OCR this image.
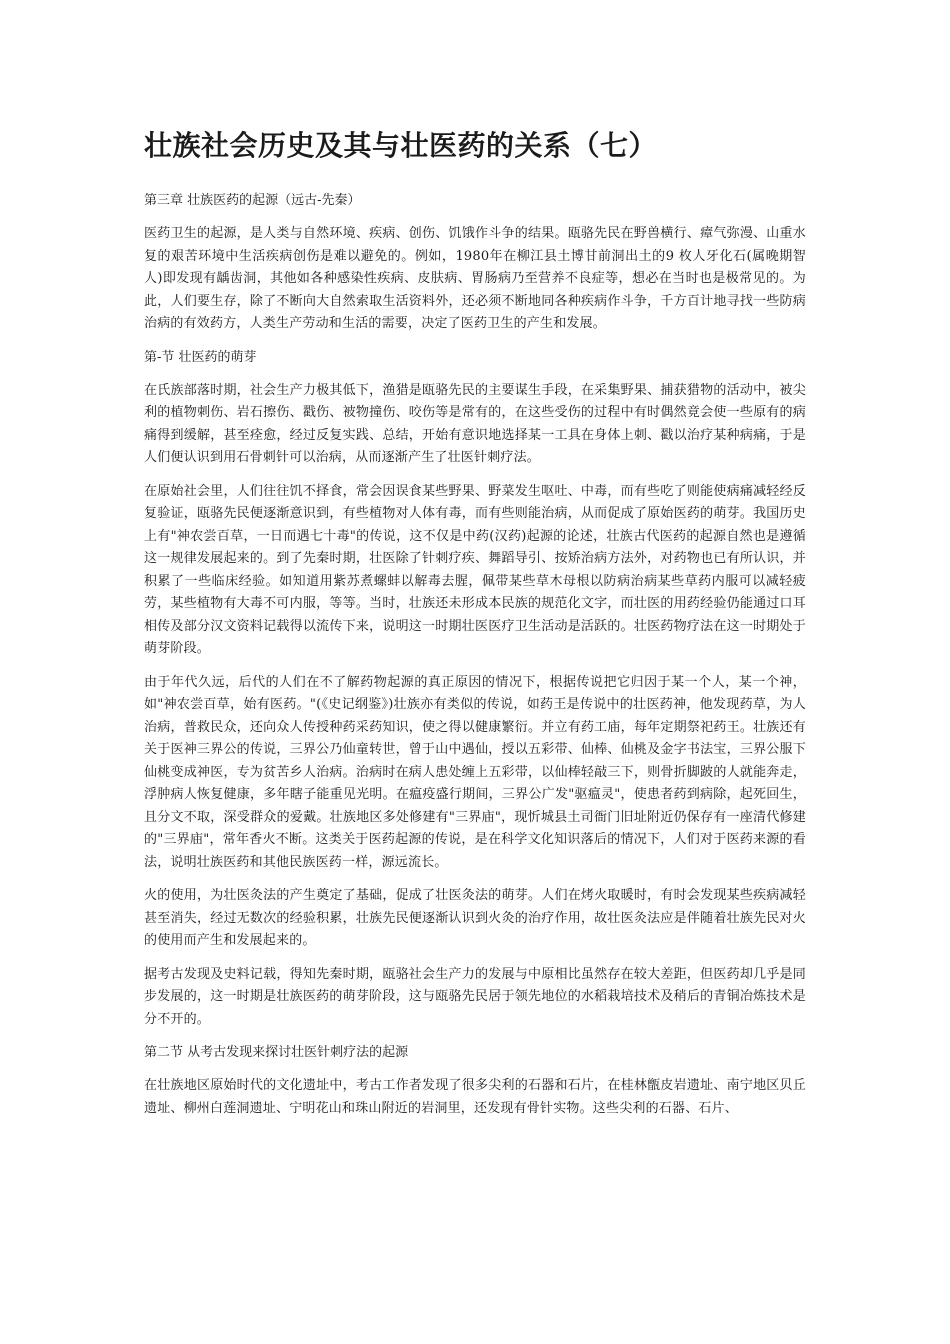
壮族社会历史及其与壮医药的关系（七）

第三章 壮族医药的起源（远古-先秦）

医药卫生的起源，是人类与自然环境、疾病、创伤、饥饿作斗争的结果。瓯骆先民在野兽横行、瘴气弥漫、山重水复的艰苦环境中生活疾病创伤是难以避免的。例如，1980年在柳江县土博甘前洞出土的9 枚人牙化石(属晚期智人)即发现有龋齿洞，其他如各种感染性疾病、皮肤病、胃肠病乃至营养不良症等，想必在当时也是极常见的。为此，人们要生存，除了不断向大自然索取生活资料外，还必须不断地同各种疾病作斗争，千方百计地寻找一些防病治病的有效药方，人类生产劳动和生活的需要，决定了医药卫生的产生和发展。

第-节 壮医药的萌芽

在氏族部落时期，社会生产力极其低下，渔猎是瓯骆先民的主要谋生手段，在采集野果、捕获猎物的活动中，被尖利的植物刺伤、岩石擦伤、戳伤、被物撞伤、咬伤等是常有的，在这些受伤的过程中有时偶然竟会使一些原有的病痛得到缓解，甚至痊愈，经过反复实践、总结，开始有意识地选择某一工具在身体上刺、戳以治疗某种病痛，于是人们便认识到用石骨刺针可以治病，从而逐渐产生了壮医针刺疗法。

在原始社会里，人们往往饥不择食，常会因误食某些野果、野菜发生呕吐、中毒，而有些吃了则能使病痛减轻经反复验证，瓯骆先民便逐渐意识到，有些植物对人体有毒，而有些则能治病，从而促成了原始医药的萌芽。我国历史上有"神农尝百草，一日而遇七十毒"的传说，这不仅是中药(汉药)起源的论述，壮族古代医药的起源自然也是遵循这一规律发展起来的。到了先秦时期，壮医除了针刺疗疾、舞蹈导引、按矫治病方法外，对药物也已有所认识，并积累了一些临床经验。如知道用紫苏煮螺蚌以解毒去腥，佩带某些草木母根以防病治病某些草药内服可以减轻疲劳，某些植物有大毒不可内服，等等。当时，壮族还未形成本民族的规范化文字，而壮医的用药经验仍能通过口耳相传及部分汉文资料记载得以流传下来，说明这一时期壮医医疗卫生活动是活跃的。壮医药物疗法在这一时期处于萌芽阶段。

由于年代久远，后代的人们在不了解药物起源的真正原因的情况下，根据传说把它归因于某一个人，某一个神，如"神农尝百草，始有医药。"(《史记纲鉴》)壮族亦有类似的传说，如药王是传说中的壮医药神，他发现药草，为人治病，普救民众，还向众人传授种药采药知识，使之得以健康繁衍。并立有药工庙，每年定期祭祀药王。壮族还有关于医神三界公的传说，三界公乃仙童转世，曾于山中遇仙，授以五彩带、仙棒、仙桃及金字书法宝，三界公服下仙桃变成神医，专为贫苦乡人治病。治病时在病人患处缠上五彩带，以仙棒轻敲三下，则骨折脚跛的人就能奔走，浮肿病人恢复健康，多年瞎子能重见光明。在瘟疫盛行期间，三界公广发"驱瘟灵"，使患者药到病除，起死回生，且分文不取，深受群众的爱戴。壮族地区多处修建有"三界庙"，现忻城县土司衙门旧址附近仍保存有一座清代修建的"三界庙"，常年香火不断。这类关于医药起源的传说，是在科学文化知识落后的情况下，人们对于医药来源的看法，说明壮族医药和其他民族医药一样，源远流长。

火的使用，为壮医灸法的产生奠定了基础，促成了壮医灸法的萌芽。人们在烤火取暖时，有时会发现某些疾病减轻甚至消失，经过无数次的经验积累，壮族先民便逐渐认识到火灸的治疗作用，故壮医灸法应是伴随着壮族先民对火的使用而产生和发展起来的。

据考古发现及史料记载，得知先秦时期，瓯骆社会生产力的发展与中原相比虽然存在较大差距，但医药却几乎是同步发展的，这一时期是壮族医药的萌芽阶段，这与瓯骆先民居于领先地位的水稻栽培技术及稍后的青铜冶炼技术是分不开的。

第二节 从考古发现来探讨壮医针刺疗法的起源

在壮族地区原始时代的文化遗址中，考古工作者发现了很多尖利的石器和石片，在桂林甑皮岩遗址、南宁地区贝丘遗址、柳州白莲洞遗址、宁明花山和珠山附近的岩洞里，还发现有骨针实物。这些尖利的石器、石片、
